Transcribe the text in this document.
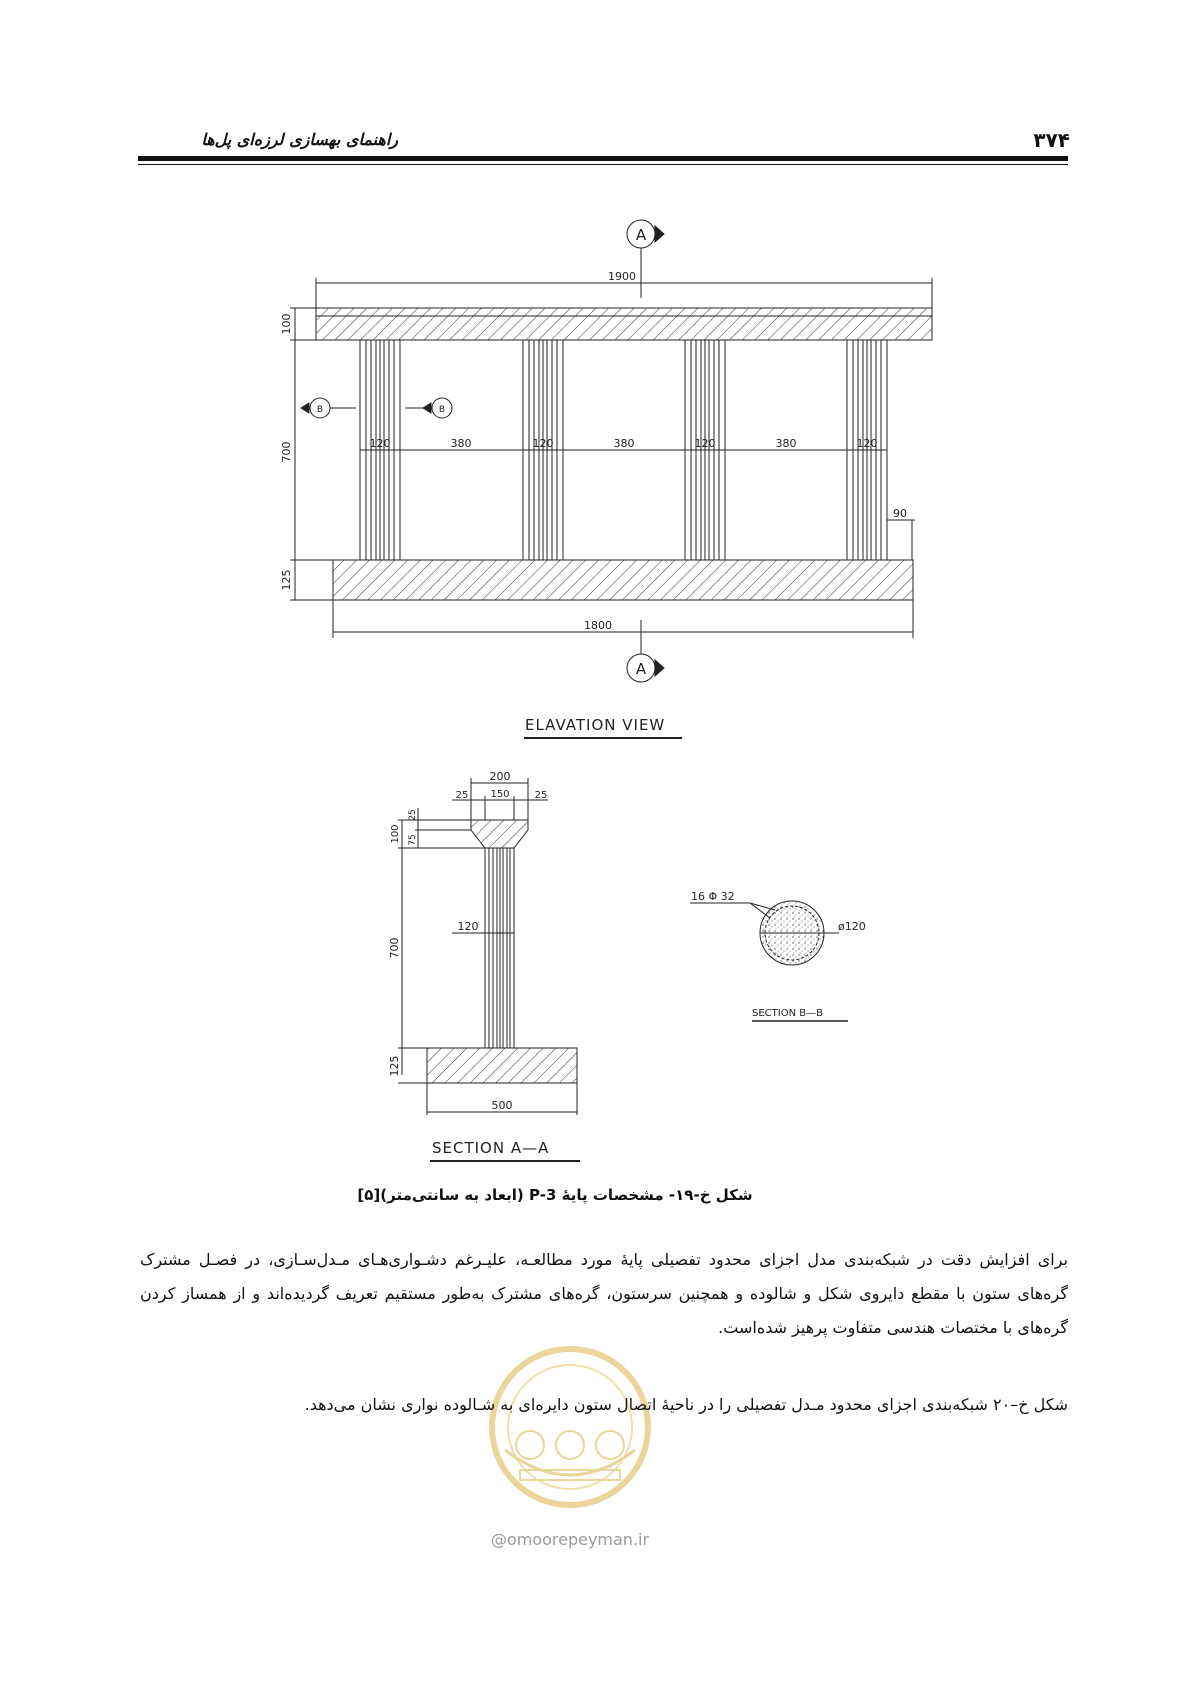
راهنمای بهسازی لرزه‌ای پل‌ها	۳۷۴
A
1900
100
700
125
120	380	120	380	120	380	120
B	B
90
1800
A
ELAVATION VIEW
200
25 150	25
100
25
75
120
700
125
500
SECTION A—A
ø120
16 Φ 32
SECTION B—B
@omoorepeyman.ir
شکل خ-۱۹- مشخصات پایهٔ P-3 (ابعاد به سانتی‌متر)[۵]
برای افزایش دقت در شبکه‌بندی مدل اجزای محدود تفصیلی پایهٔ مورد مطالعـه، علیـرغم دشـواری‌هـای مـدل‌سـازی، در فصـل مشترک گره‌های ستون با مقطع دایروی شکل و شالوده و همچنین سرستون، گره‌های مشترک به‌طور مستقیم تعریف گردیده‌اند و از همساز کردن گره‌های با مختصات هندسی متفاوت پرهیز شده‌است.
شکل خ–۲۰ شبکه‌بندی اجزای محدود مـدل تفصیلی را در ناحیهٔ اتصال ستون دایره‌ای به شـالوده نواری نشان می‌دهد.
